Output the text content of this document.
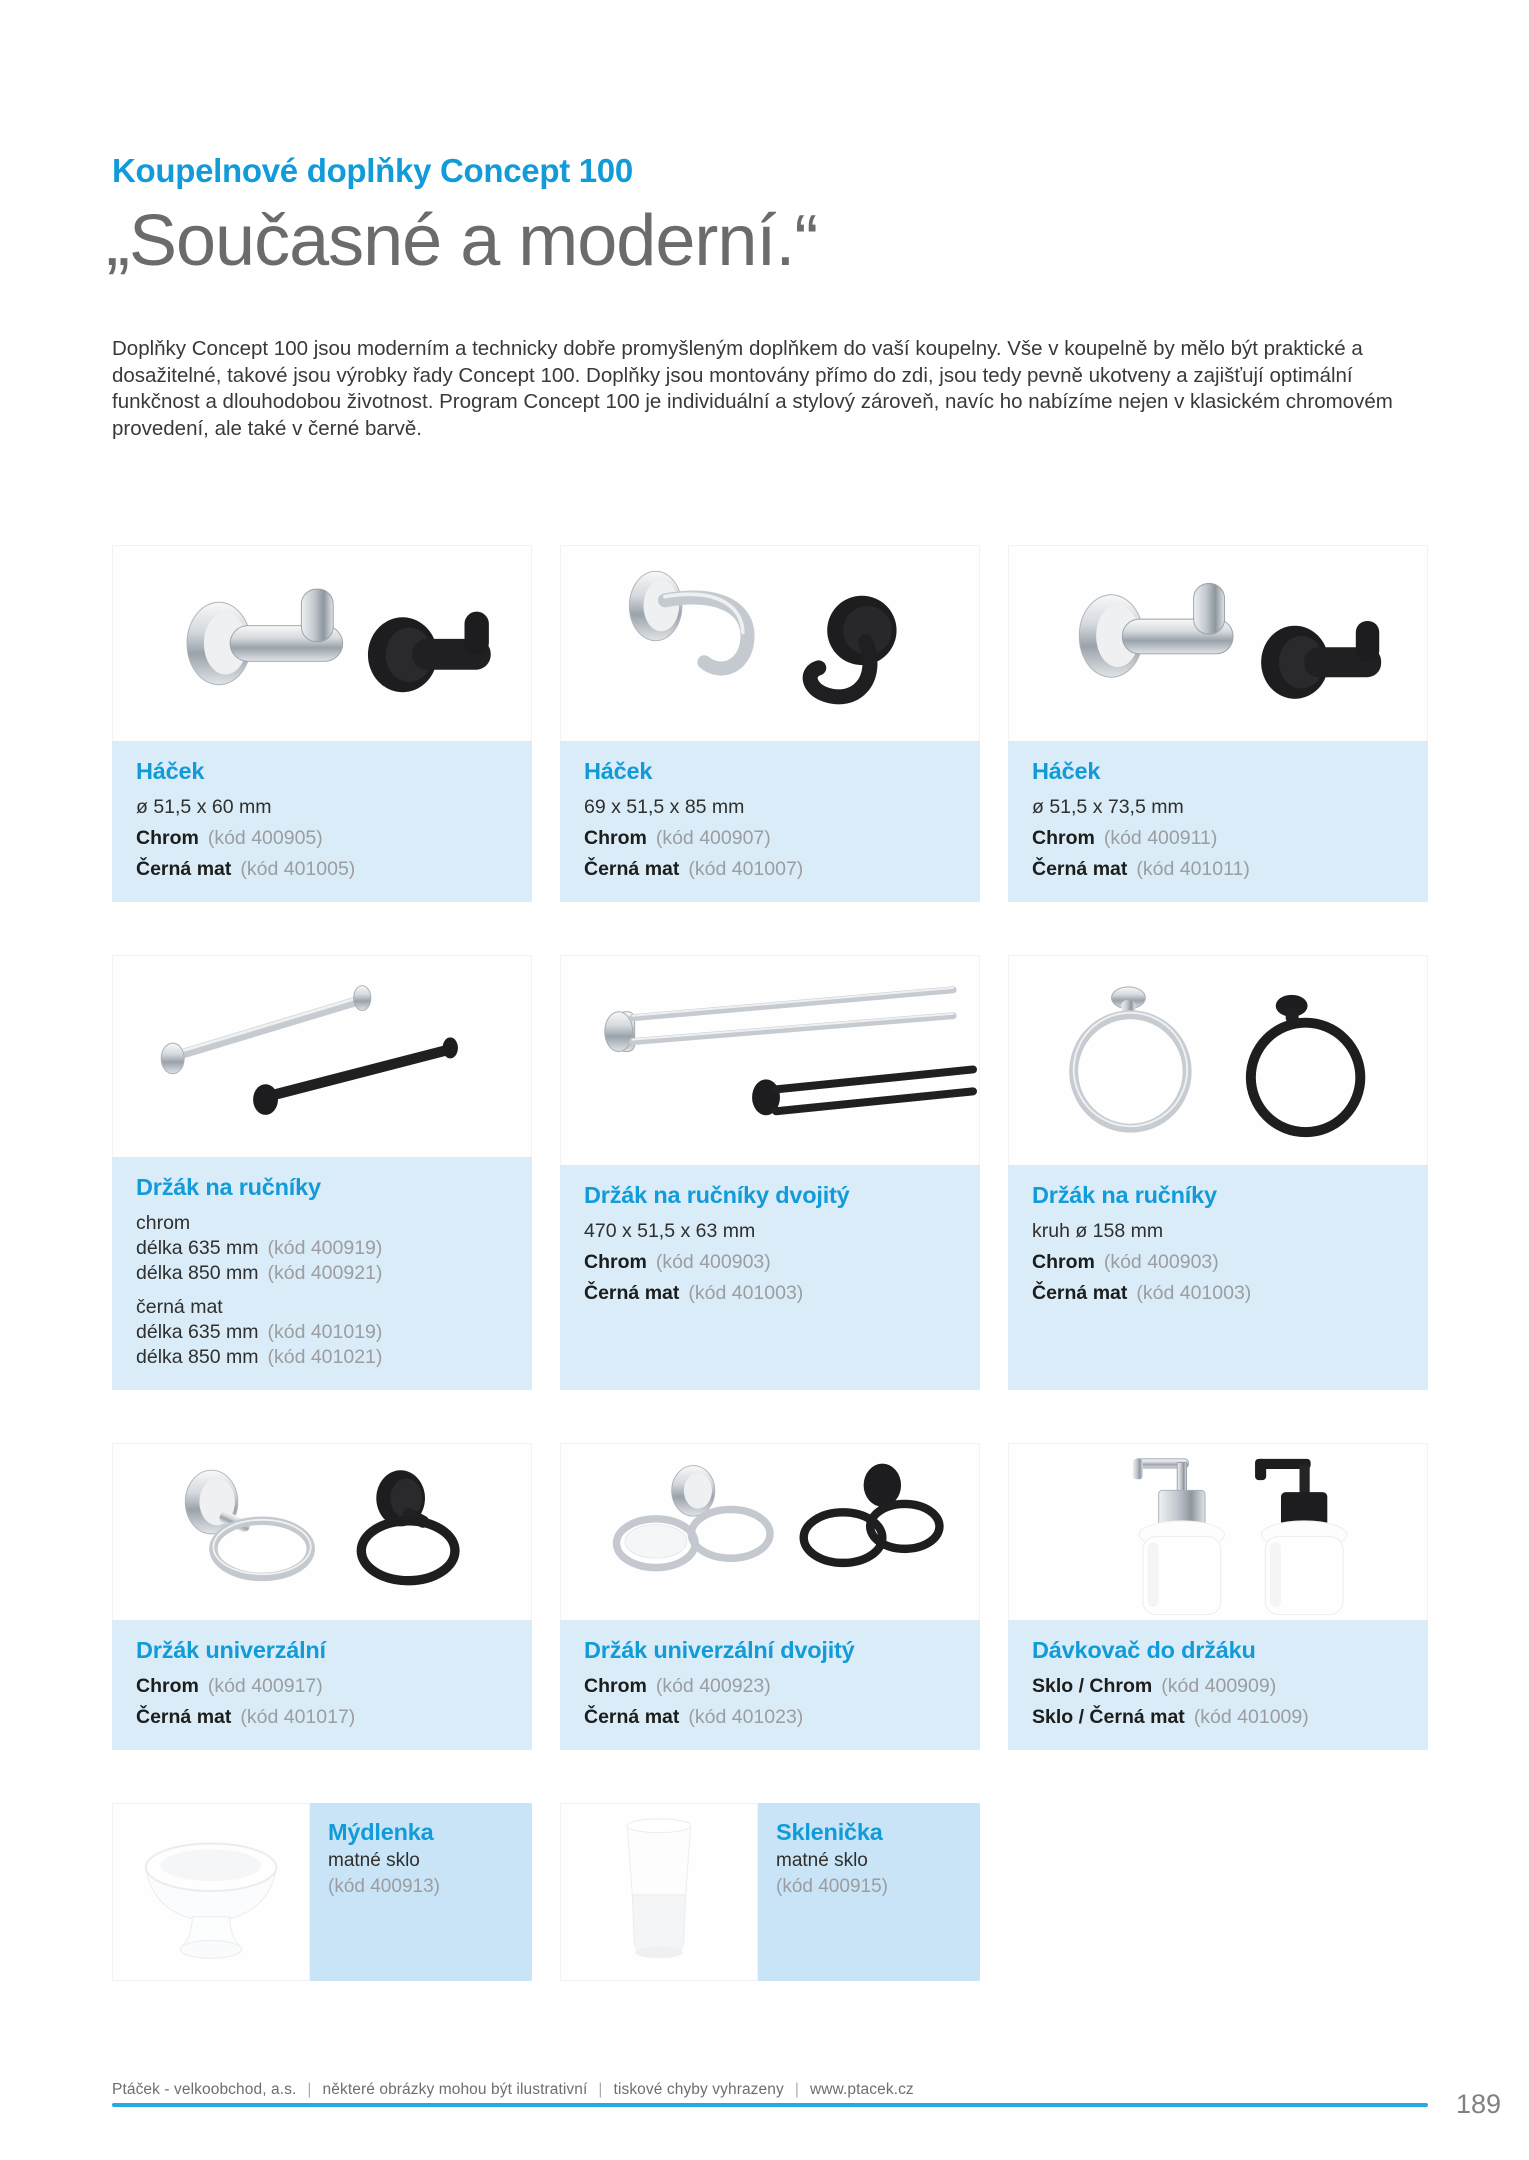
Koupelnové doplňky Concept 100
„Současné a moderní.“

Doplňky Concept 100 jsou moderním a technicky dobře promyšleným doplňkem do vaší koupelny. Vše v koupelně by mělo být praktické a dosažitelné, takové jsou výrobky řady Concept 100. Doplňky jsou montovány přímo do zdi, jsou tedy pevně ukotveny a zajišťují optimální funkčnost a dlouhodobou životnost. Program Concept 100 je individuální a stylový zároveň, navíc ho nabízíme nejen v klasickém chromovém provedení, ale také v černé barvě.

Háček
ø 51,5 x 60 mm
Chrom (kód 400905)
Černá mat (kód 401005)
Háček
69 x 51,5 x 85 mm
Chrom (kód 400907)
Černá mat (kód 401007)
Háček
ø 51,5 x 73,5 mm
Chrom (kód 400911)
Černá mat (kód 401011)
Držák na ručníky
chrom
délka 635 mm (kód 400919)
délka 850 mm (kód 400921)
černá mat
délka 635 mm (kód 401019)
délka 850 mm (kód 401021)
Držák na ručníky dvojitý
470 x 51,5 x 63 mm
Chrom (kód 400903)
Černá mat (kód 401003)
Držák na ručníky
kruh ø 158 mm
Chrom (kód 400903)
Černá mat (kód 401003)
Držák univerzální
Chrom (kód 400917)
Černá mat (kód 401017)
Držák univerzální dvojitý
Chrom (kód 400923)
Černá mat (kód 401023)
Dávkovač do držáku
Sklo / Chrom (kód 400909)
Sklo / Černá mat (kód 401009)
Mýdlenka
matné sklo
(kód 400913)
Sklenička
matné sklo
(kód 400915)
Ptáček - velkoobchod, a.s. | některé obrázky mohou být ilustrativní | tiskové chyby vyhrazeny | www.ptacek.cz	189
